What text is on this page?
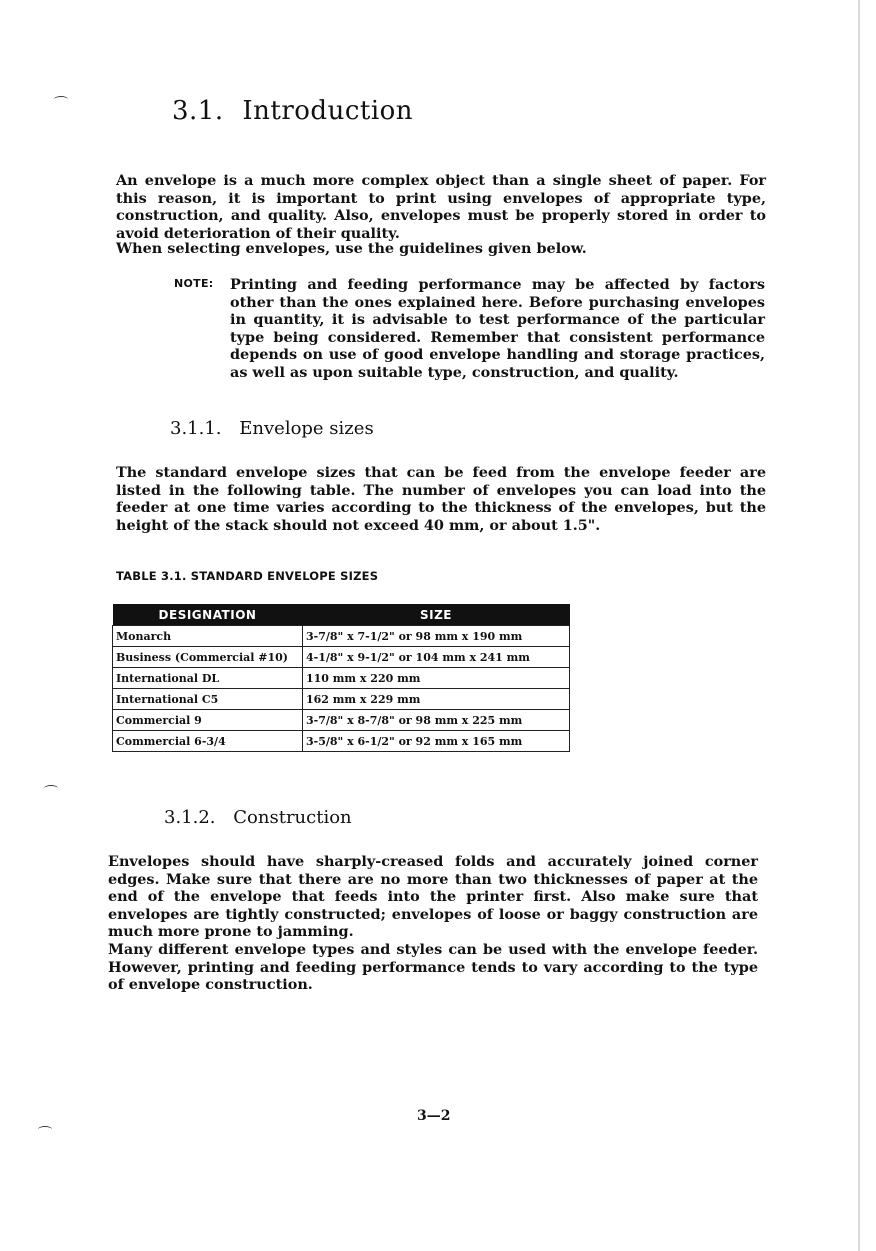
3.1. Introduction

An envelope is a much more complex object than a single sheet of paper. For this reason, it is important to print using envelopes of appropriate type, construction, and quality. Also, envelopes must be properly stored in order to avoid deterioration of their quality.

When selecting envelopes, use the guidelines given below.

NOTE: Printing and feeding performance may be affected by factors other than the ones explained here. Before purchasing envelopes in quantity, it is advisable to test performance of the particular type being considered. Remember that consistent performance depends on use of good envelope handling and storage practices, as well as upon suitable type, construction, and quality.

3.1.1. Envelope sizes

The standard envelope sizes that can be feed from the envelope feeder are listed in the following table. The number of envelopes you can load into the feeder at one time varies according to the thickness of the envelopes, but the height of the stack should not exceed 40 mm, or about 1.5".

TABLE 3.1. STANDARD ENVELOPE SIZES

DESIGNATION	SIZE
Monarch	3-7/8" x 7-1/2" or 98 mm x 190 mm
Business (Commercial #10)	4-1/8" x 9-1/2" or 104 mm x 241 mm
International DL	110 mm x 220 mm
International C5	162 mm x 229 mm
Commercial 9	3-7/8" x 8-7/8" or 98 mm x 225 mm
Commercial 6-3/4	3-5/8" x 6-1/2" or 92 mm x 165 mm
3.1.2. Construction

Envelopes should have sharply-creased folds and accurately joined corner edges. Make sure that there are no more than two thicknesses of paper at the end of the envelope that feeds into the printer first. Also make sure that envelopes are tightly constructed; envelopes of loose or baggy construction are much more prone to jamming.

Many different envelope types and styles can be used with the envelope feeder. However, printing and feeding performance tends to vary according to the type of envelope construction.

3—2
